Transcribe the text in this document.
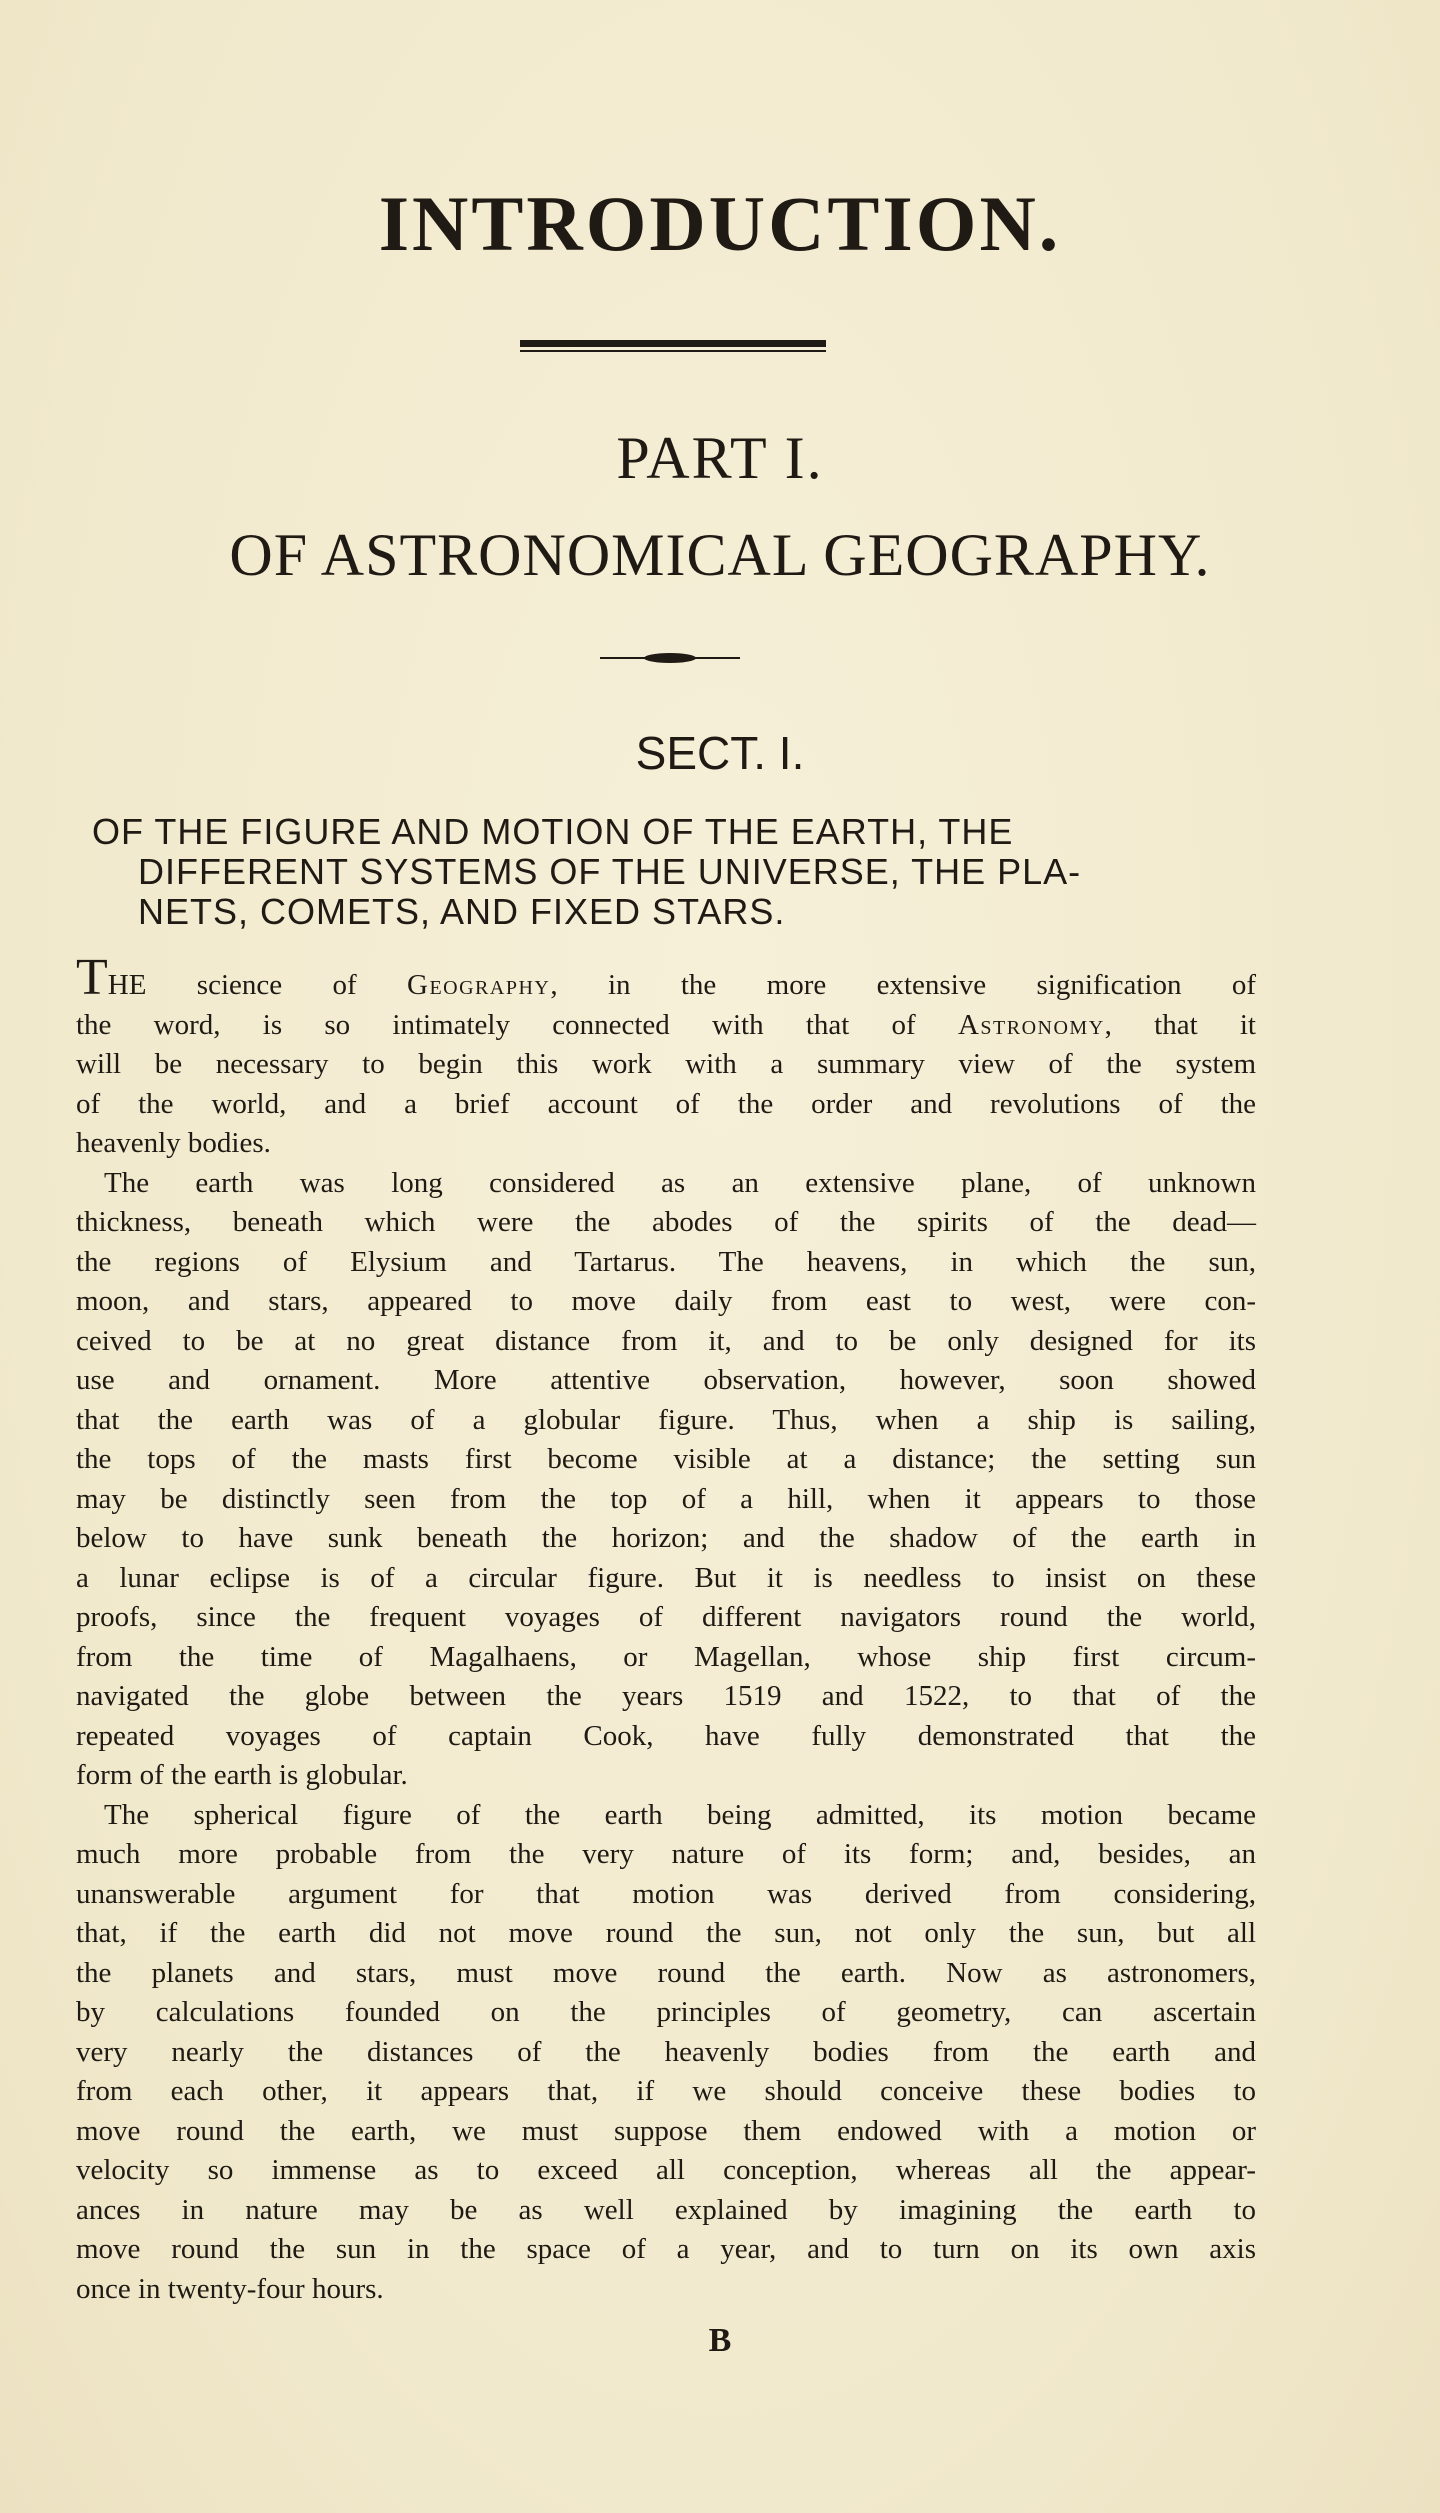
INTRODUCTION.
PART I.
OF ASTRONOMICAL GEOGRAPHY.
SECT. I.
OF THE FIGURE AND MOTION OF THE EARTH, THE
DIFFERENT SYSTEMS OF THE UNIVERSE, THE PLA-
NETS, COMETS, AND FIXED STARS.
THE science of Geography, in the more extensive signification of
the word, is so intimately connected with that of Astronomy, that it
will be necessary to begin this work with a summary view of the system
of the world, and a brief account of the order and revolutions of the
heavenly bodies.
The earth was long considered as an extensive plane, of unknown
thickness, beneath which were the abodes of the spirits of the dead—
the regions of Elysium and Tartarus. The heavens, in which the sun,
moon, and stars, appeared to move daily from east to west, were con-
ceived to be at no great distance from it, and to be only designed for its
use and ornament. More attentive observation, however, soon showed
that the earth was of a globular figure. Thus, when a ship is sailing,
the tops of the masts first become visible at a distance; the setting sun
may be distinctly seen from the top of a hill, when it appears to those
below to have sunk beneath the horizon; and the shadow of the earth in
a lunar eclipse is of a circular figure. But it is needless to insist on these
proofs, since the frequent voyages of different navigators round the world,
from the time of Magalhaens, or Magellan, whose ship first circum-
navigated the globe between the years 1519 and 1522, to that of the
repeated voyages of captain Cook, have fully demonstrated that the
form of the earth is globular.
The spherical figure of the earth being admitted, its motion became
much more probable from the very nature of its form; and, besides, an
unanswerable argument for that motion was derived from considering,
that, if the earth did not move round the sun, not only the sun, but all
the planets and stars, must move round the earth. Now as astronomers,
by calculations founded on the principles of geometry, can ascertain
very nearly the distances of the heavenly bodies from the earth and
from each other, it appears that, if we should conceive these bodies to
move round the earth, we must suppose them endowed with a motion or
velocity so immense as to exceed all conception, whereas all the appear-
ances in nature may be as well explained by imagining the earth to
move round the sun in the space of a year, and to turn on its own axis
once in twenty-four hours.
B
